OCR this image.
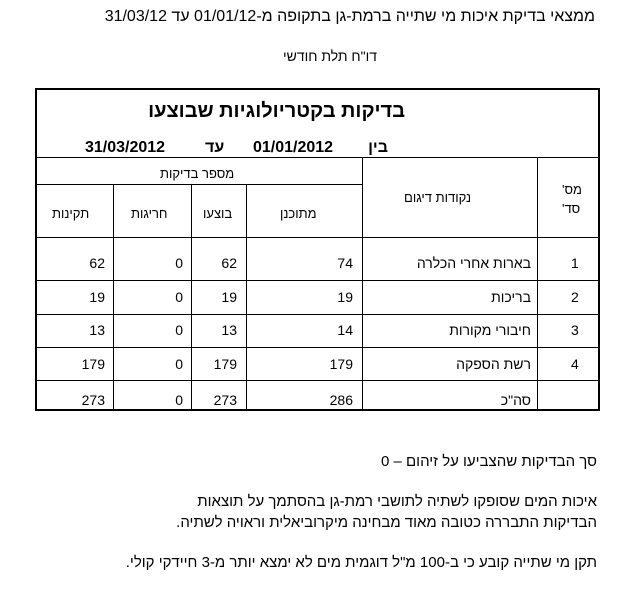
ממצאי בדיקת איכות מי שתייה ברמת-גן בתקופה מ-01/01/12 עד 31/03/12
דו"ח תלת חודשי
בדיקות בקטריולוגיות שבוצעו
בין
01/01/2012
עד
31/03/2012
מס'
סד'
נקודות דיגום
מספר בדיקות
מתוכנן
בוצעו
חריגות
תקינות
1
בארות אחרי הכלרה
74
62
0
62
2
בריכות
19
19
0
19
3
חיבורי מקורות
14
13
0
13
4
רשת הספקה
179
179
0
179
סה"כ
286
273
0
273
סך הבדיקות שהצביעו על זיהום – 0
איכות המים שסופקו לשתיה לתושבי רמת-גן בהסתמך על תוצאות
הבדיקות התבררה כטובה מאוד מבחינה מיקרוביאלית וראויה לשתיה.
תקן מי שתייה קובע כי ב-100 מ"ל דוגמית מים לא ימצא יותר מ-3 חיידקי קולי.
